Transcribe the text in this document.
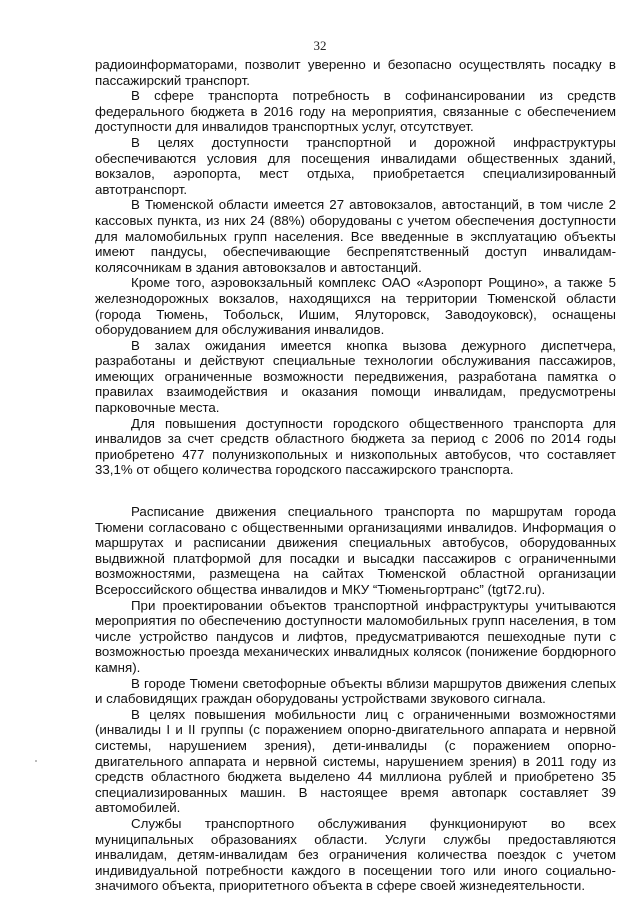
32

радиоинформаторами, позволит уверенно и безопасно осуществлять посадку в пассажирский транспорт.

В сфере транспорта потребность в софинансировании из средств федерального бюджета в 2016 году на мероприятия, связанные с обеспечением доступности для инвалидов транспортных услуг, отсутствует.

В целях доступности транспортной и дорожной инфраструктуры обеспечиваются условия для посещения инвалидами общественных зданий, вокзалов, аэропорта, мест отдыха, приобретается специализированный автотранспорт.

В Тюменской области имеется 27 автовокзалов, автостанций, в том числе 2 кассовых пункта, из них 24 (88%) оборудованы с учетом обеспечения доступности для маломобильных групп населения. Все введенные в эксплуатацию объекты имеют пандусы, обеспечивающие беспрепятственный доступ инвалидам-колясочникам в здания автовокзалов и автостанций.

Кроме того, аэровокзальный комплекс ОАО «Аэропорт Рощино», а также 5 железнодорожных вокзалов, находящихся на территории Тюменской области (города Тюмень, Тобольск, Ишим, Ялуторовск, Заводоуковск), оснащены оборудованием для обслуживания инвалидов.

В залах ожидания имеется кнопка вызова дежурного диспетчера, разработаны и действуют специальные технологии обслуживания пассажиров, имеющих ограниченные возможности передвижения, разработана памятка о правилах взаимодействия и оказания помощи инвалидам, предусмотрены парковочные места.

Для повышения доступности городского общественного транспорта для инвалидов за счет средств областного бюджета за период с 2006 по 2014 годы приобретено 477 полунизкопольных и низкопольных автобусов, что составляет 33,1% от общего количества городского пассажирского транспорта.

Расписание движения специального транспорта по маршрутам города Тюмени согласовано с общественными организациями инвалидов. Информация о маршрутах и расписании движения специальных автобусов, оборудованных выдвижной платформой для посадки и высадки пассажиров с ограниченными возможностями, размещена на сайтах Тюменской областной организации Всероссийского общества инвалидов и МКУ “Тюменьгортранс” (tgt72.ru).

При проектировании объектов транспортной инфраструктуры учитываются мероприятия по обеспечению доступности маломобильных групп населения, в том числе устройство пандусов и лифтов, предусматриваются пешеходные пути с возможностью проезда механических инвалидных колясок (понижение бордюрного камня).

В городе Тюмени светофорные объекты вблизи маршрутов движения слепых и слабовидящих граждан оборудованы устройствами звукового сигнала.

В целях повышения мобильности лиц с ограниченными возможностями (инвалиды I и II группы (с поражением опорно-двигательного аппарата и нервной системы, нарушением зрения), дети-инвалиды (с поражением опорно-двигательного аппарата и нервной системы, нарушением зрения) в 2011 году из средств областного бюджета выделено 44 миллиона рублей и приобретено 35 специализированных машин. В настоящее время автопарк составляет 39 автомобилей.

Службы транспортного обслуживания функционируют во всех муниципальных образованиях области. Услуги службы предоставляются инвалидам, детям-инвалидам без ограничения количества поездок с учетом индивидуальной потребности каждого в посещении того или иного социально-значимого объекта, приоритетного объекта в сфере своей жизнедеятельности.
